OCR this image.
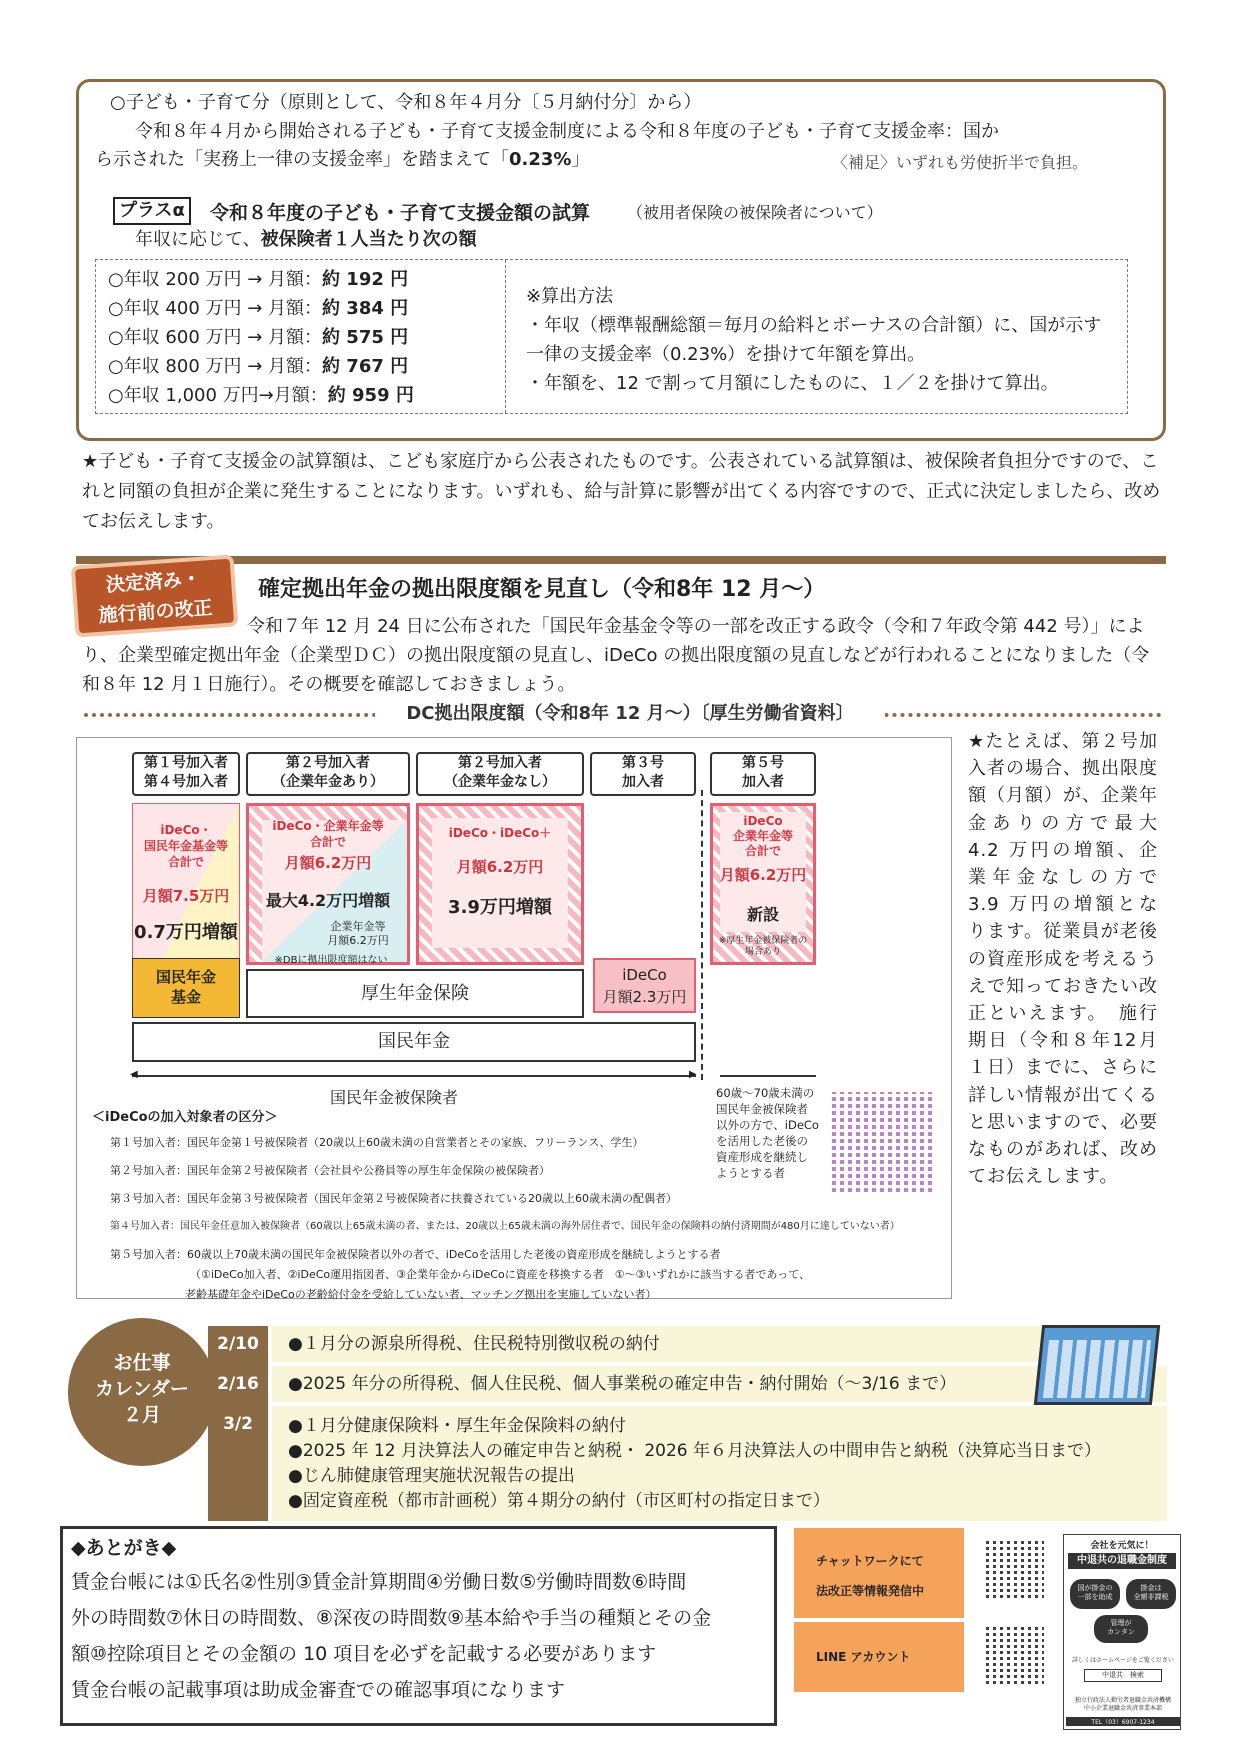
○子ども・子育て分（原則として、令和８年４月分〔５月納付分〕から）
令和８年４月から開始される子ども・子育て支援金制度による令和８年度の子ども・子育て支援金率：国か
ら示された「実務上一律の支援金率」を踏まえて「0.23%」	〈補足〉いずれも労使折半で負担。
プラスα	令和８年度の子ども・子育て支援金額の試算 （被用者保険の被保険者について）
年収に応じて、被保険者１人当たり次の額
○年収 200 万円 → 月額：約 192 円
○年収 400 万円 → 月額：約 384 円
○年収 600 万円 → 月額：約 575 円
○年収 800 万円 → 月額：約 767 円
○年収 1,000 万円→月額：約 959 円
※算出方法
・年収（標準報酬総額＝毎月の給料とボーナスの合計額）に、国が示す一律の支援金率（0.23%）を掛けて年額を算出。
・年額を、12 で割って月額にしたものに、１／２を掛けて算出。
★子ども・子育て支援金の試算額は、こども家庭庁から公表されたものです。公表されている試算額は、被保険者負担分ですので、これと同額の負担が企業に発生することになります。いずれも、給与計算に影響が出てくる内容ですので、正式に決定しましたら、改めてお伝えします。
決定済み・
施行前の改正
確定拠出年金の拠出限度額を見直し（令和8年 12 月～）
令和７年 12 月 24 日に公布された「国民年金基金令等の一部を改正する政令（令和７年政令第 442 号）」により、企業型確定拠出年金（企業型ＤＣ）の拠出限度額の見直し、iDeCo の拠出限度額の見直しなどが行われることになりました（令和８年 12 月１日施行）。その概要を確認しておきましょう。
DC拠出限度額（令和8年 12 月～）〔厚生労働省資料〕
第１号加入者
第４号加入者
第２号加入者
（企業年金あり）
第２号加入者
（企業年金なし）
第３号
加入者
第５号
加入者
iDeCo・
国民年金基金等
合計で
月額7.5万円
0.7万円増額
国民年金
基金
iDeCo・企業年金等
合計で
月額6.2万円
最大4.2万円増額
企業年金等
月額6.2万円
※DBに拠出限度額はない
iDeCo・iDeCo＋
月額6.2万円
3.9万円増額
iDeCo
月額2.3万円
iDeCo
企業年金等
合計で
月額6.2万円
新設
※厚生年金被保険者の
場合あり
厚生年金保険
国民年金
◀	▶
国民年金被保険者	60歳～70歳未満の
国民年金被保険者
以外の方で、iDeCo
を活用した老後の
資産形成を継続し
ようとする者
＜iDeCoの加入対象者の区分＞
第１号加入者：国民年金第１号被保険者（20歳以上60歳未満の自営業者とその家族、フリーランス、学生）
第２号加入者：国民年金第２号被保険者（会社員や公務員等の厚生年金保険の被保険者）
第３号加入者：国民年金第３号被保険者（国民年金第２号被保険者に扶養されている20歳以上60歳未満の配偶者）
第４号加入者：国民年金任意加入被保険者（60歳以上65歳未満の者、または、20歳以上65歳未満の海外居住者で、国民年金の保険料の納付済期間が480月に達していない者）
第５号加入者：60歳以上70歳未満の国民年金被保険者以外の者で、iDeCoを活用した老後の資産形成を継続しようとする者
（①iDeCo加入者、②iDeCo運用指図者、③企業年金からiDeCoに資産を移換する者　①～③いずれかに該当する者であって、
老齢基礎年金やiDeCoの老齢給付金を受給していない者、マッチング拠出を実施していない者）
★たとえば、第２号加入者の場合、拠出限度額（月額）が、企業年金ありの方で最大 4.2 万円の増額、企業年金なしの方で 3.9 万円の増額となります。従業員が老後の資産形成を考えるうえで知っておきたい改正といえます。　施行期日（令和８年12月１日）までに、さらに詳しい情報が出てくると思いますので、必要なものがあれば、改めてお伝えします。
お仕事
カレンダー
２月
2/10	●１月分の源泉所得税、住民税特別徴収税の納付
2/16	●2025 年分の所得税、個人住民税、個人事業税の確定申告・納付開始（～3/16 まで）
3/2	●１月分健康保険料・厚生年金保険料の納付
●2025 年 12 月決算法人の確定申告と納税・ 2026 年６月決算法人の中間申告と納税（決算応当日まで）
●じん肺健康管理実施状況報告の提出
●固定資産税（都市計画税）第４期分の納付（市区町村の指定日まで）
◆あとがき◆
賃金台帳には①氏名②性別③賃金計算期間④労働日数⑤労働時間数⑥時間
外の時間数⑦休日の時間数、⑧深夜の時間数⑨基本給や手当の種類とその金
額⑩控除項目とその金額の 10 項目を必ずを記載する必要があります
賃金台帳の記載事項は助成金審査での確認事項になります
チャットワークにて
法改正等情報発信中
LINE アカウント
会社を元気に！
中退共の退職金制度
国が掛金の
一部を助成
掛金は
全額非課税
管理が
カンタン
詳しくはホームページをご覧ください
中退共　検索
独立行政法人勤労者退職金共済機構
中小企業退職金共済事業本部
TEL（03）6907-1234
